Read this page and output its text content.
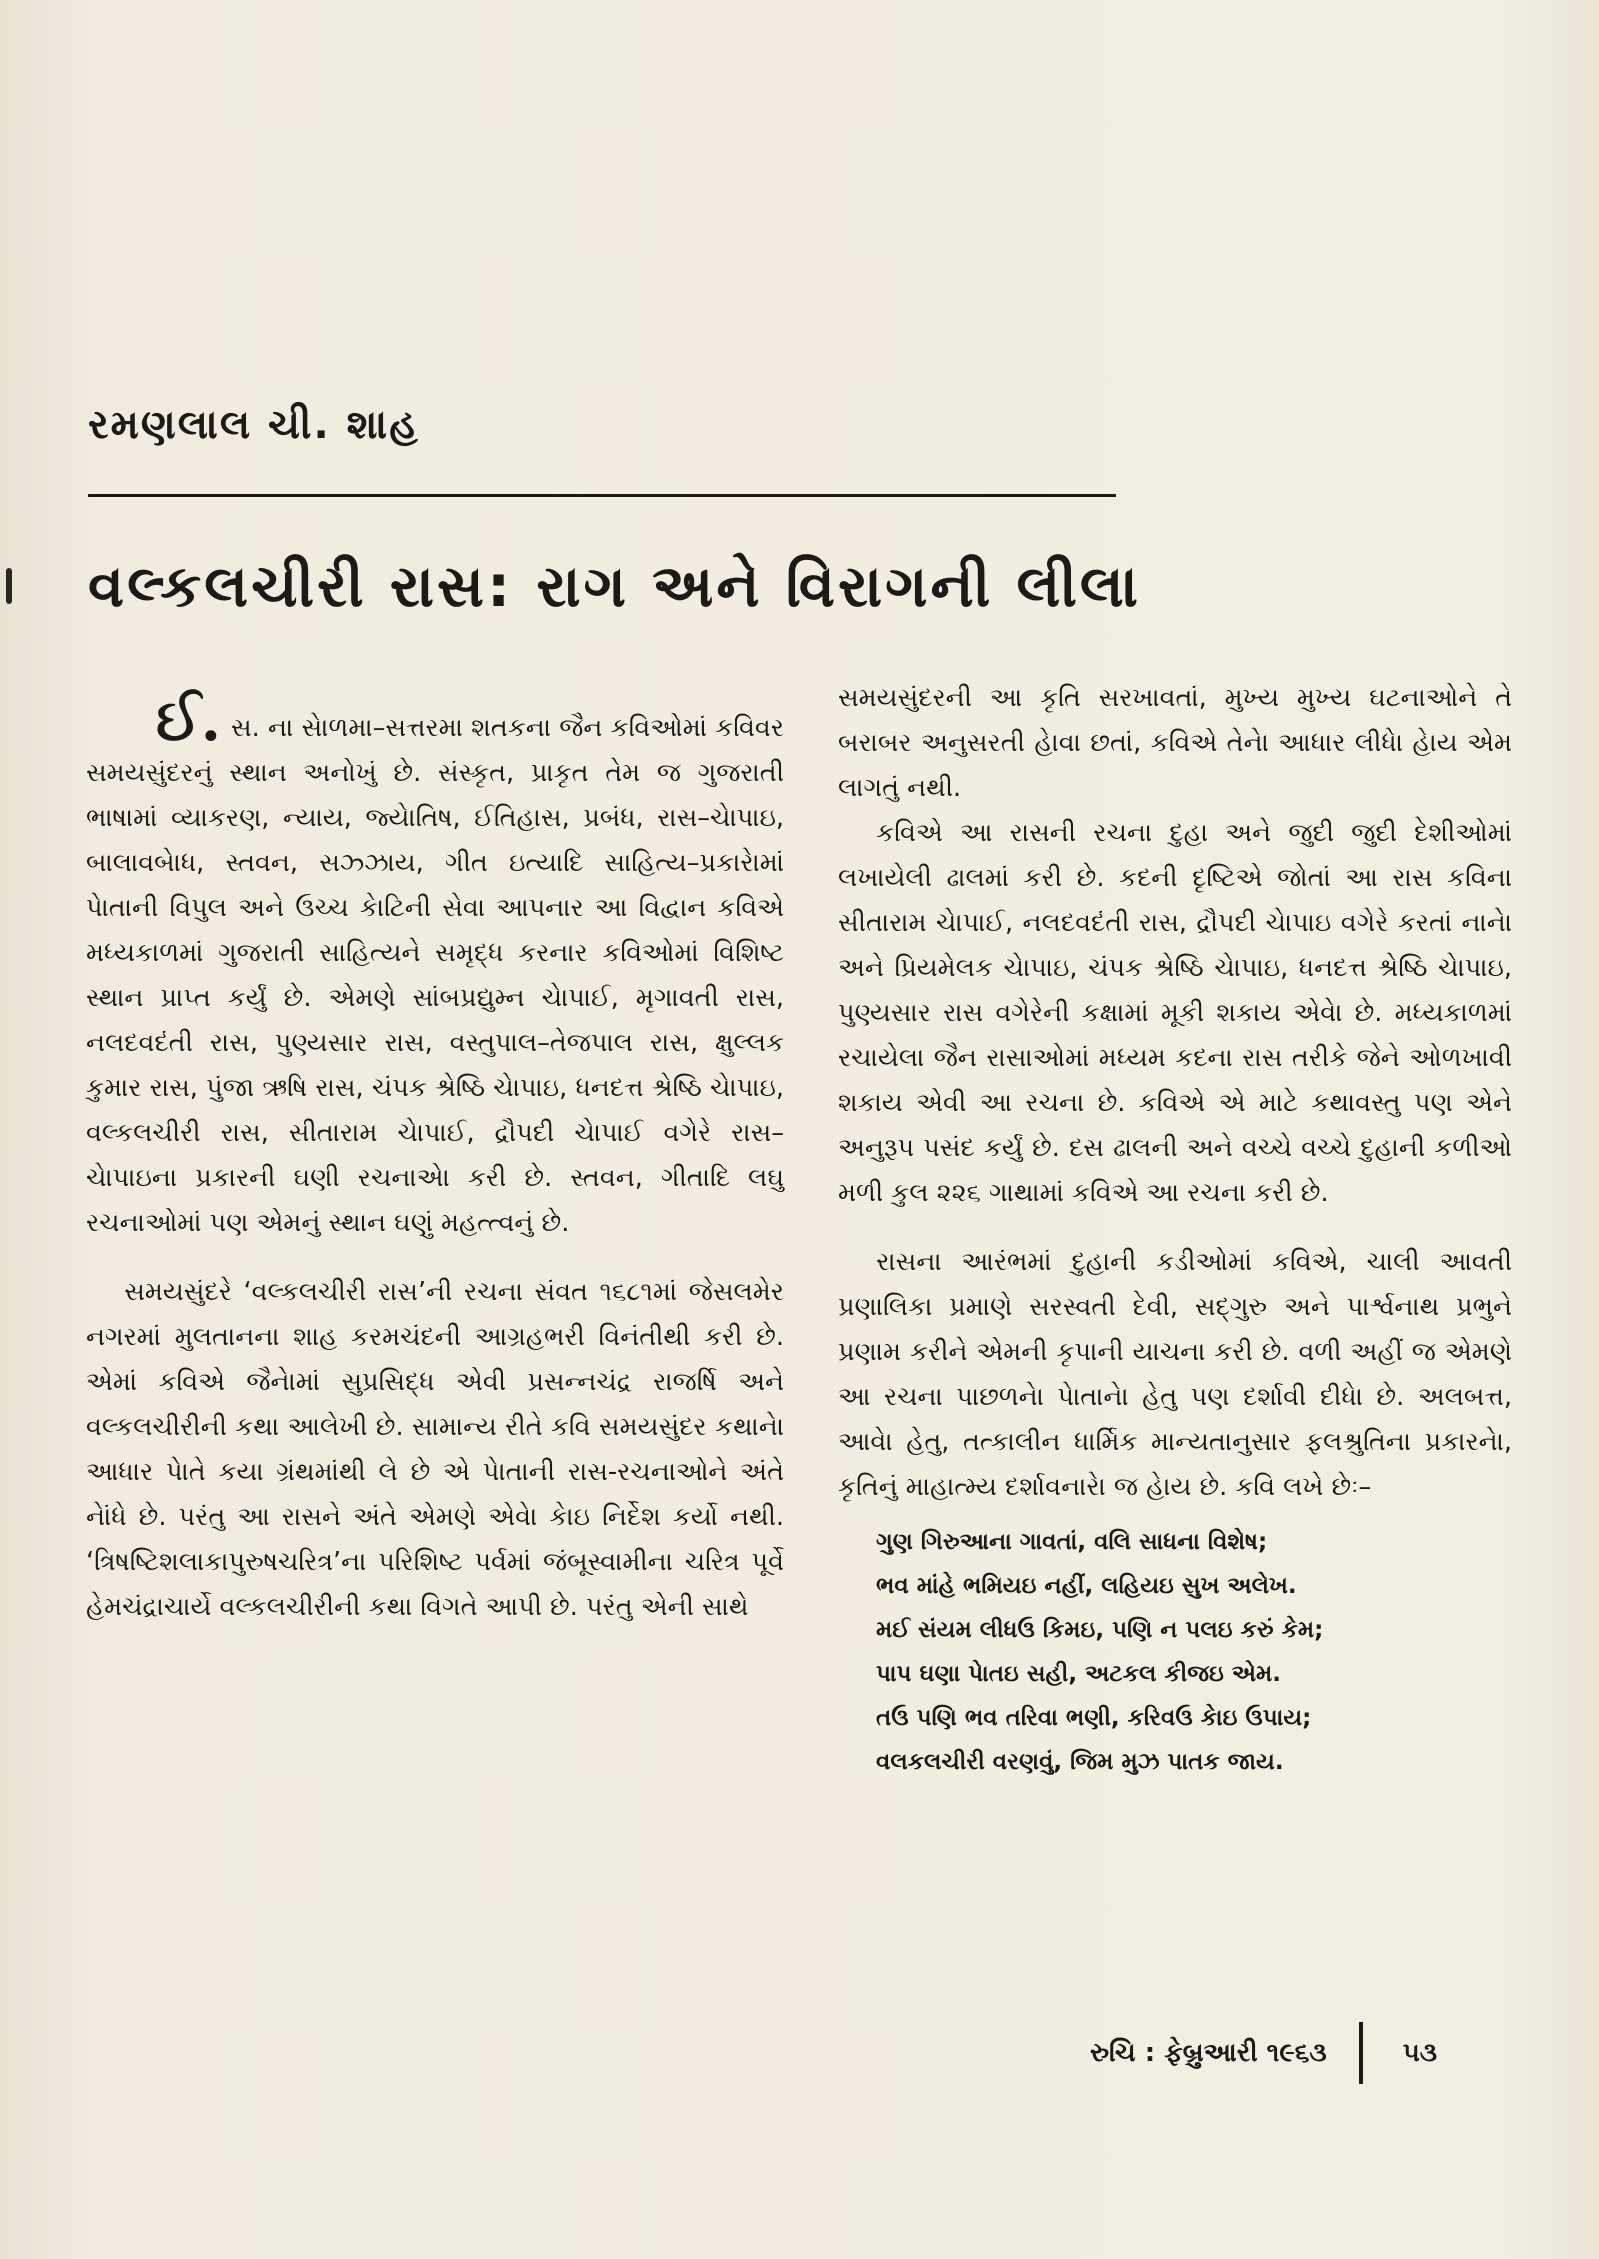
રમણલાલ ચી. શાહ
વલ્કલચીરી રાસ: રાગ અને વિરાગની લીલા

ઈ. સ. ના સેાળમા–સત્તરમા શતકના જૈન કવિઓમાં કવિવર સમયસુંદરનું સ્થાન અનોખું છે. સંસ્કૃત, પ્રાકૃત તેમ જ ગુજરાતી ભાષામાં વ્યાકરણ, ન્યાય, જ્યેાતિષ, ઈતિહાસ, પ્રબંધ, રાસ–ચેાપાઇ, બાલાવબેાધ, સ્તવન, સઝ્ઝાય, ગીત ઇત્યાદિ સાહિત્ય–પ્રકારેામાં પેાતાની વિપુલ અને ઉચ્ચ કેાટિની સેવા આપનાર આ વિદ્વાન કવિએ મધ્યકાળમાં ગુજરાતી સાહિત્યને સમૃદ્ધ કરનાર કવિઓમાં વિશિષ્ટ સ્થાન પ્રાપ્ત કર્યું છે. એમણે સાંબપ્રદ્યુમ્ન ચેાપાઈ, મૃગાવતી રાસ, નલદવદંતી રાસ, પુણ્યસાર રાસ, વસ્તુપાલ–તેજપાલ રાસ, ક્ષુલ્લક કુમાર રાસ, પુંજા ઋષિ રાસ, ચંપક શ્રેષ્ઠિ ચેાપાઇ, ધનદત્ત શ્રેષ્ઠિ ચેાપાઇ, વલ્કલચીરી રાસ, સીતારામ ચેાપાઈ, દ્રૌપદી ચેાપાઈ વગેરે રાસ–ચેાપાઇના પ્રકારની ઘણી રચનાએા કરી છે. સ્તવન, ગીતાદિ લઘુ રચનાઓમાં પણ એમનું સ્થાન ઘણું મહત્ત્વનું છે.

સમયસુંદરે ‘વલ્કલચીરી રાસ’ની રચના સંવત ૧૬૮૧માં જેસલમેર નગરમાં મુલતાનના શાહ કરમચંદની આગ્રહભરી વિનંતીથી કરી છે. એમાં કવિએ જૈનેામાં સુપ્રસિદ્ધ એવી પ્રસન્નચંદ્ર રાજર્ષિ અને વલ્કલચીરીની કથા આલેખી છે. સામાન્ય રીતે કવિ સમયસુંદર કથાનેા આધાર પેાતે કયા ગ્રંથમાંથી લે છે એ પેાતાની રાસ-રચનાઓને અંતે નેાંધે છે. પરંતુ આ રાસને અંતે એમણે એવેા કેાઇ નિર્દેશ કર્યો નથી. ‘ત્રિષષ્ટિશલાકાપુરુષચરિત્ર’ના પરિશિષ્ટ પર્વમાં જંબૂસ્વામીના ચરિત્ર પૂર્વે હેમચંદ્રાચાર્યે વલ્કલચીરીની કથા વિગતે આપી છે. પરંતુ એની સાથે

સમયસુંદરની આ કૃતિ સરખાવતાં, મુખ્ય મુખ્ય ઘટનાઓને તે બરાબર અનુસરતી હેાવા છતાં, કવિએ તેનેા આધાર લીધેા હેાય એમ લાગતું નથી.

કવિએ આ રાસની રચના દુહા અને જુદી જુદી દેશીઓમાં લખાયેલી ઢાલમાં કરી છે. કદની દૃષ્ટિએ જોતાં આ રાસ કવિના સીતારામ ચેાપાઈ, નલદવદંતી રાસ, દ્રૌપદી ચેાપાઇ વગેરે કરતાં નાનેા અને પ્રિયમેલક ચેાપાઇ, ચંપક શ્રેષ્ઠિ ચેાપાઇ, ધનદત્ત શ્રેષ્ઠિ ચેાપાઇ, પુણ્યસાર રાસ વગેરેની કક્ષામાં મૂકી શકાય એવેા છે. મધ્યકાળમાં રચાયેલા જૈન રાસાઓમાં મધ્યમ કદના રાસ તરીકે જેને ઓળખાવી શકાય એવી આ રચના છે. કવિએ એ માટે કથાવસ્તુ પણ એને અનુરૂપ પસંદ કર્યું છે. દસ ઢાલની અને વચ્ચે વચ્ચે દુહાની કળીઓ મળી કુલ ૨૨૬ ગાથામાં કવિએ આ રચના કરી છે.

રાસના આરંભમાં દુહાની કડીઓમાં કવિએ, ચાલી આવતી પ્રણાલિકા પ્રમાણે સરસ્વતી દેવી, સદ્ગુરુ અને પાર્શ્વનાથ પ્રભુને પ્રણામ કરીને એમની કૃપાની યાચના કરી છે. વળી અહીં જ એમણે આ રચના પાછળનેા પેાતાનેા હેતુ પણ દર્શાવી દીધેા છે. અલબત્ત, આવેા હેતુ, તત્કાલીન ધાર્મિક માન્યતાનુસાર ફલશ્રુતિના પ્રકારનેા, કૃતિનું માહાત્મ્ય દર્શાવનારેા જ હેાય છે. કવિ લખે છેઃ–

ગુણ ગિરુઆના ગાવતાં, વલિ સાધના વિશેષ;
ભવ માંહે ભમિયઇ નહીં, લહિયઇ સુખ અલેખ.
મઈ સંયમ લીધઉ કિમઇ, પણિ ન પલઇ કરું કેમ;
પાપ ઘણા પેાતઇ સહી, અટકલ કીજઇ એમ.
તઉ પણિ ભવ તરિવા ભણી, કરિવઉ કેાઇ ઉપાય;
વલકલચીરી વરણવું, જિમ મુઝ પાતક જાય.
રુચિ : ફેબ્રુઆરી ૧૯૬૩	૫૩
